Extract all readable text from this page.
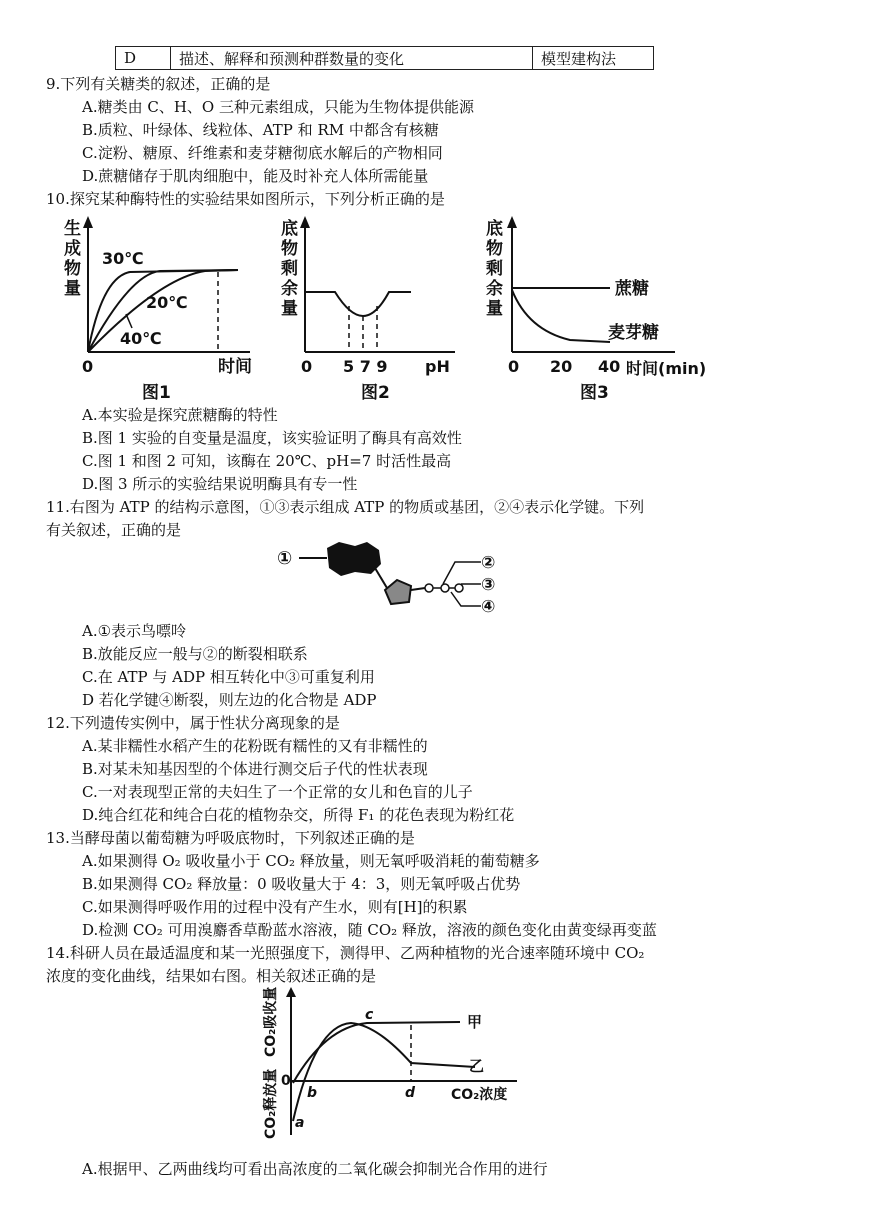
D	描述、解释和预测种群数量的变化	模型建构法
9.下列有关糖类的叙述，正确的是
A.糖类由 C、H、O 三种元素组成，只能为生物体提供能源
B.质粒、叶绿体、线粒体、ATP 和 RM 中都含有核糖
C.淀粉、糖原、纤维素和麦芽糖彻底水解后的产物相同
D.蔗糖储存于肌肉细胞中，能及时补充人体所需能量
10.探究某种酶特性的实验结果如图所示，下列分析正确的是
生
成
物
量
30℃
20℃
40℃
0	时间
图1
底
物
剩
余
量
0 5 7 9 pH
图2
底
物
剩
余
量
蔗糖
麦芽糖
0 20 40 时间(min)
图3
A.本实验是探究蔗糖酶的特性
B.图 1 实验的自变量是温度，该实验证明了酶具有高效性
C.图 1 和图 2 可知，该酶在 20℃、pH=7 时活性最高
D.图 3 所示的实验结果说明酶具有专一性
11.右图为 ATP 的结构示意图，①③表示组成 ATP 的物质或基团，②④表示化学键。下列
有关叙述，正确的是
①	②
③
④
A.①表示鸟嘌呤
B.放能反应一般与②的断裂相联系
C.在 ATP 与 ADP 相互转化中③可重复利用
D 若化学键④断裂，则左边的化合物是 ADP
12.下列遗传实例中，属于性状分离现象的是
A.某非糯性水稻产生的花粉既有糯性的又有非糯性的
B.对某未知基因型的个体进行测交后子代的性状表现
C.一对表现型正常的夫妇生了一个正常的女儿和色盲的儿子
D.纯合红花和纯合白花的植物杂交，所得 F₁ 的花色表现为粉红花
13.当酵母菌以葡萄糖为呼吸底物时，下列叙述正确的是
A.如果测得 O₂ 吸收量小于 CO₂ 释放量，则无氧呼吸消耗的葡萄糖多
B.如果测得 CO₂ 释放量：0 吸收量大于 4：3，则无氧呼吸占优势
C.如果测得呼吸作用的过程中没有产生水，则有[H]的积累
D.检测 CO₂ 可用溴麝香草酚蓝水溶液，随 CO₂ 释放，溶液的颜色变化由黄变绿再变蓝
14.科研人员在最适温度和某一光照强度下，测得甲、乙两种植物的光合速率随环境中 CO₂
浓度的变化曲线，结果如右图。相关叙述正确的是
CO₂吸收量
CO₂释放量 0
a
b
c
d
甲
乙
CO₂浓度
A.根据甲、乙两曲线均可看出高浓度的二氧化碳会抑制光合作用的进行
